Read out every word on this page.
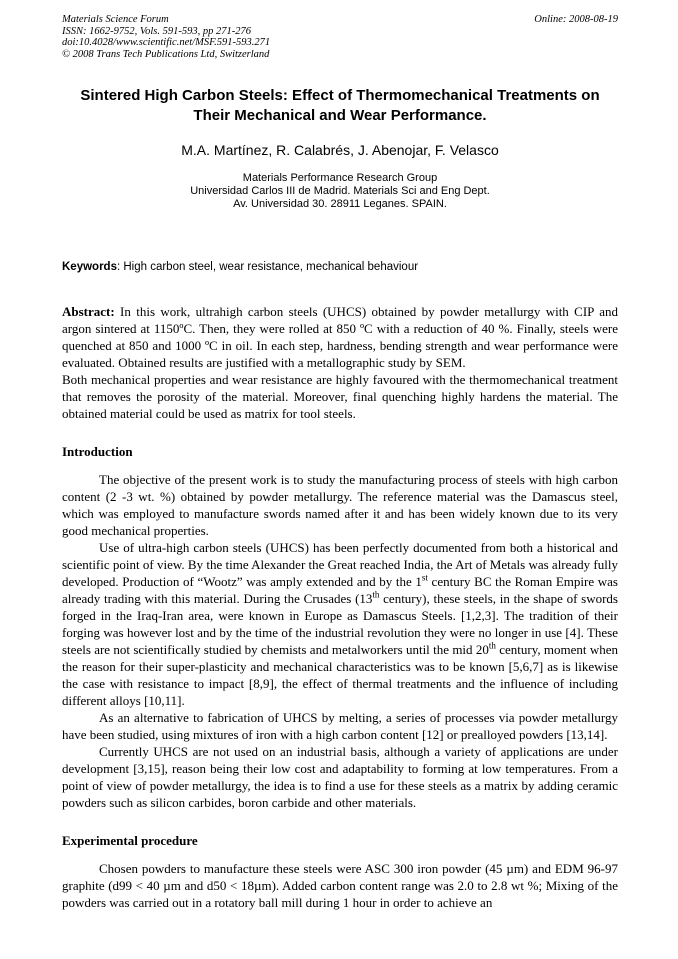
Materials Science Forum
ISSN: 1662-9752, Vols. 591-593, pp 271-276
doi:10.4028/www.scientific.net/MSF.591-593.271
© 2008 Trans Tech Publications Ltd, Switzerland
Online: 2008-08-19
Sintered High Carbon Steels: Effect of Thermomechanical Treatments on Their Mechanical and Wear Performance.
M.A. Martínez, R. Calabrés, J. Abenojar, F. Velasco
Materials Performance Research Group
Universidad Carlos III de Madrid. Materials Sci and Eng Dept.
Av. Universidad 30. 28911 Leganes. SPAIN.
Keywords: High carbon steel, wear resistance, mechanical behaviour

Abstract: In this work, ultrahigh carbon steels (UHCS) obtained by powder metallurgy with CIP and argon sintered at 1150ºC. Then, they were rolled at 850 ºC with a reduction of 40 %. Finally, steels were quenched at 850 and 1000 ºC in oil. In each step, hardness, bending strength and wear performance were evaluated. Obtained results are justified with a metallographic study by SEM.

Both mechanical properties and wear resistance are highly favoured with the thermomechanical treatment that removes the porosity of the material. Moreover, final quenching highly hardens the material. The obtained material could be used as matrix for tool steels.

Introduction

The objective of the present work is to study the manufacturing process of steels with high carbon content (2 -3 wt. %) obtained by powder metallurgy. The reference material was the Damascus steel, which was employed to manufacture swords named after it and has been widely known due to its very good mechanical properties.

Use of ultra-high carbon steels (UHCS) has been perfectly documented from both a historical and scientific point of view. By the time Alexander the Great reached India, the Art of Metals was already fully developed. Production of “Wootz” was amply extended and by the 1st century BC the Roman Empire was already trading with this material. During the Crusades (13th century), these steels, in the shape of swords forged in the Iraq-Iran area, were known in Europe as Damascus Steels. [1,2,3]. The tradition of their forging was however lost and by the time of the industrial revolution they were no longer in use [4]. These steels are not scientifically studied by chemists and metalworkers until the mid 20th century, moment when the reason for their super-plasticity and mechanical characteristics was to be known [5,6,7] as is likewise the case with resistance to impact [8,9], the effect of thermal treatments and the influence of including different alloys [10,11].

As an alternative to fabrication of UHCS by melting, a series of processes via powder metallurgy have been studied, using mixtures of iron with a high carbon content [12] or prealloyed powders [13,14].

Currently UHCS are not used on an industrial basis, although a variety of applications are under development [3,15], reason being their low cost and adaptability to forming at low temperatures. From a point of view of powder metallurgy, the idea is to find a use for these steels as a matrix by adding ceramic powders such as silicon carbides, boron carbide and other materials.

Experimental procedure

Chosen powders to manufacture these steels were ASC 300 iron powder (45 µm) and EDM 96-97 graphite (d99 < 40 µm and d50 < 18µm). Added carbon content range was 2.0 to 2.8 wt %; Mixing of the powders was carried out in a rotatory ball mill during 1 hour in order to achieve an
